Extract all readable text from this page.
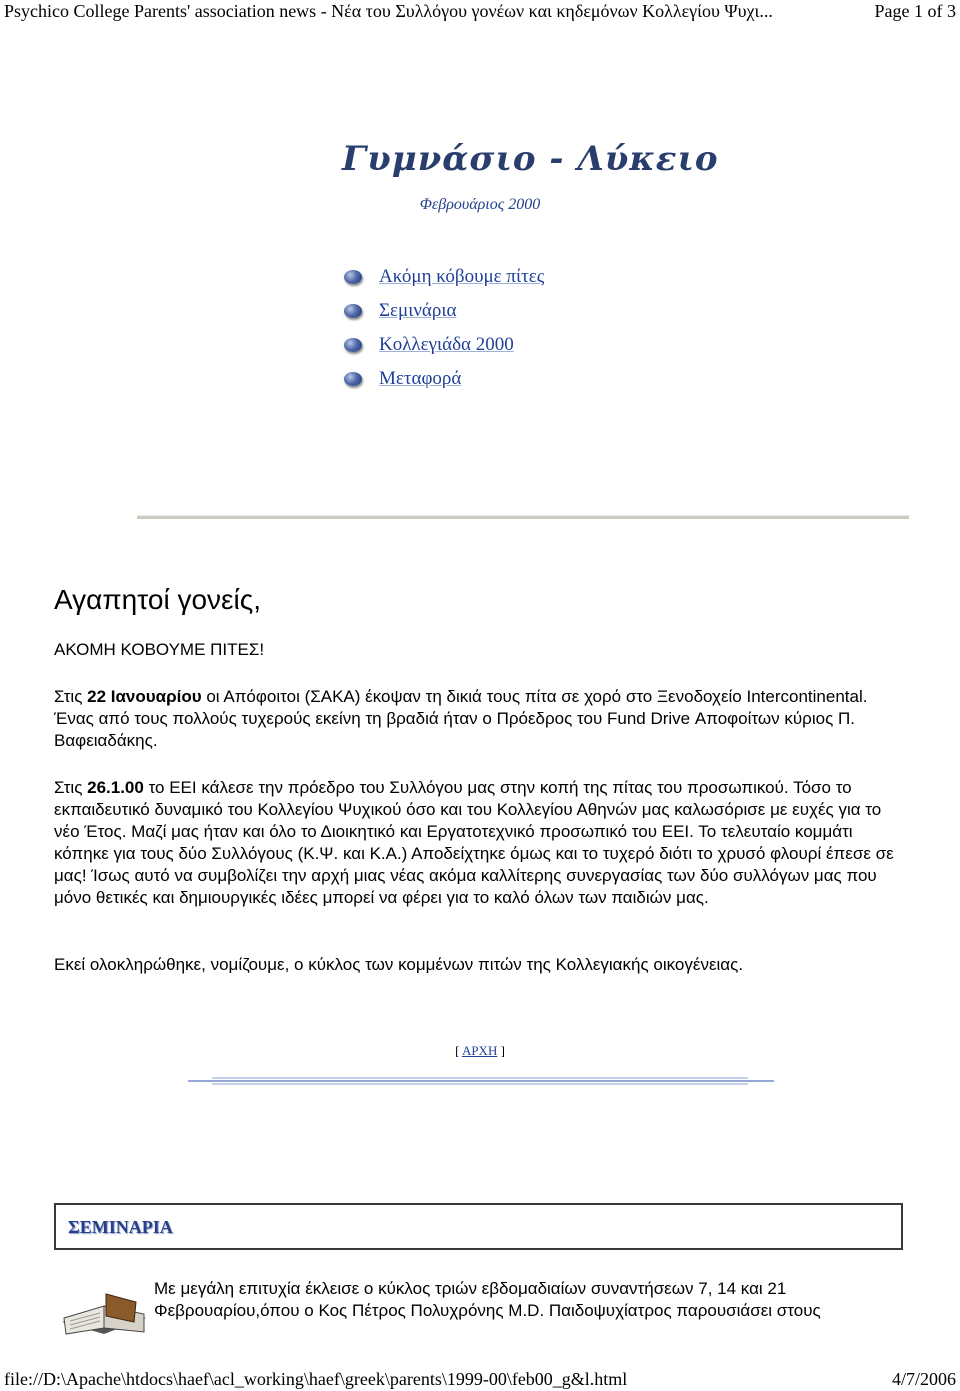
Psychico College Parents' association news - Νέα του Συλλόγου γονέων και κηδεμόνων Κολλεγίου Ψυχι...	Page 1 of 3
Γυμνάσιο - Λύκειο
Φεβρουάριος 2000
Ακόμη κόβουμε πίτες
Σεμινάρια
Κολλεγιάδα 2000
Μεταφορά
Αγαπητοί γονείς,
ΑΚΟΜΗ ΚΟΒΟΥΜΕ ΠΙΤΕΣ!
Στις 22 Ιανουαρίου οι Απόφοιτοι (ΣΑΚΑ) έκοψαν τη δικιά τους πίτα σε χορό στο Ξενοδοχείο Intercontinental. Ένας από τους πολλούς τυχερούς εκείνη τη βραδιά ήταν ο Πρόεδρος του Fund Drive Αποφοίτων κύριος Π. Βαφειαδάκης.
Στις 26.1.00 το ΕΕΙ κάλεσε την πρόεδρο του Συλλόγου μας στην κοπή της πίτας του προσωπικού. Τόσο το εκπαιδευτικό δυναμικό του Κολλεγίου Ψυχικού όσο και του Κολλεγίου Αθηνών μας καλωσόρισε με ευχές για το νέο Έτος. Μαζί μας ήταν και όλο το Διοικητικό και Εργατοτεχνικό προσωπικό του ΕΕΙ. Το τελευταίο κομμάτι κόπηκε για τους δύο Συλλόγους (Κ.Ψ. και Κ.Α.) Αποδείχτηκε όμως και το τυχερό διότι το χρυσό φλουρί έπεσε σε μας! Ίσως αυτό να συμβολίζει την αρχή μιας νέας ακόμα καλλίτερης συνεργασίας των δύο συλλόγων μας που μόνο θετικές και δημιουργικές ιδέες μπορεί να φέρει για το καλό όλων των παιδιών μας.
Εκεί ολοκληρώθηκε, νομίζουμε, ο κύκλος των κομμένων πιτών της Κολλεγιακής οικογένειας.
[ ΑΡΧΗ ]
ΣΕΜΙΝΑΡΙΑ
Με μεγάλη επιτυχία έκλεισε ο κύκλος τριών εβδομαδιαίων συναντήσεων 7, 14 και 21 Φεβρουαρίου,όπου ο Κος Πέτρος Πολυχρόνης M.D. Παιδοψυχίατρος παρουσιάσει στους
file://D:\Apache\htdocs\haef\acl_working\haef\greek\parents\1999-00\feb00_g&l.html	4/7/2006
